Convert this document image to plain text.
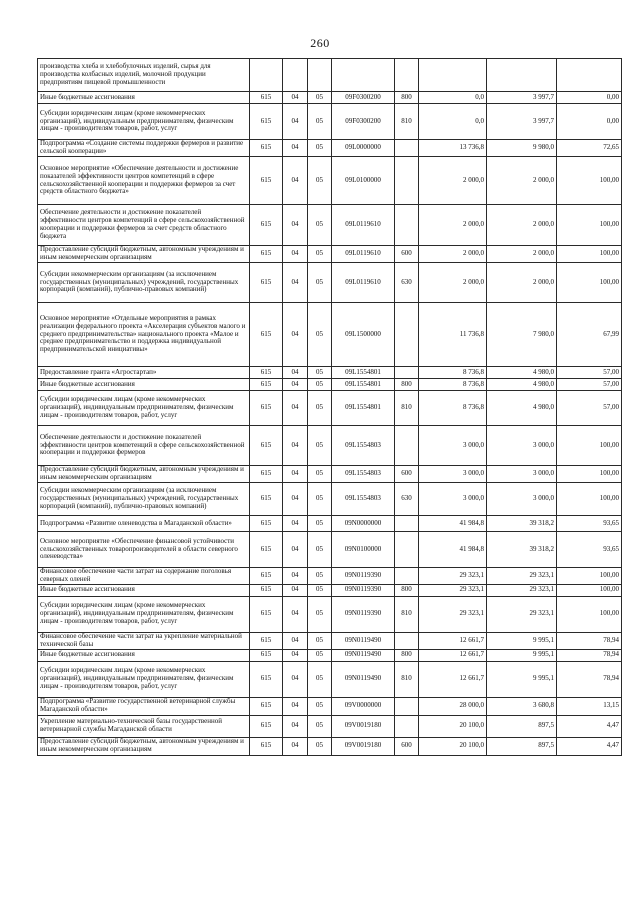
260
производства хлеба и хлебобулочных изделий, сырья для производства колбасных изделий, молочной продукции предприятиям пищевой промышленности								
Иные бюджетные ассигнования	615	04	05	09F0300200	800	0,0	3 997,7	0,00
Субсидии юридическим лицам (кроме некоммерческих организаций), индивидуальным предпринимателям, физическим лицам - производителям товаров, работ, услуг	615	04	05	09F0300200	810	0,0	3 997,7	0,00
Подпрограмма «Создание системы поддержки фермеров и развитие сельской кооперации»	615	04	05	09L0000000		13 736,8	9 980,0	72,65
Основное мероприятие «Обеспечение деятельности и достижение показателей эффективности центров компетенций в сфере сельскохозяйственной кооперации и поддержки фермеров за счет средств областного бюджета»	615	04	05	09L0100000		2 000,0	2 000,0	100,00
Обеспечение деятельности и достижение показателей эффективности центров компетенций в сфере сельскохозяйственной кооперации и поддержки фермеров за счет средств областного бюджета	615	04	05	09L0119610		2 000,0	2 000,0	100,00
Предоставление субсидий бюджетным, автономным учреждениям и иным некоммерческим организациям	615	04	05	09L0119610	600	2 000,0	2 000,0	100,00
Субсидии некоммерческим организациям (за исключением государственных (муниципальных) учреждений, государственных корпораций (компаний), публично-правовых компаний)	615	04	05	09L0119610	630	2 000,0	2 000,0	100,00
Основное мероприятие «Отдельные мероприятия в рамках реализации федерального проекта «Акселерация субъектов малого и среднего предпринимательства» национального проекта «Малое и среднее предпринимательство и поддержка индивидуальной предпринимательской инициативы»	615	04	05	09L1500000		11 736,8	7 980,0	67,99
Предоставление гранта «Агростартап»	615	04	05	09L1554801		8 736,8	4 980,0	57,00
Иные бюджетные ассигнования	615	04	05	09L1554801	800	8 736,8	4 980,0	57,00
Субсидии юридическим лицам (кроме некоммерческих организаций), индивидуальным предпринимателям, физическим лицам - производителям товаров, работ, услуг	615	04	05	09L1554801	810	8 736,8	4 980,0	57,00
Обеспечение деятельности и достижение показателей эффективности центров компетенций в сфере сельскохозяйственной кооперации и поддержки фермеров	615	04	05	09L1554803		3 000,0	3 000,0	100,00
Предоставление субсидий бюджетным, автономным учреждениям и иным некоммерческим организациям	615	04	05	09L1554803	600	3 000,0	3 000,0	100,00
Субсидии некоммерческим организациям (за исключением государственных (муниципальных) учреждений, государственных корпораций (компаний), публично-правовых компаний)	615	04	05	09L1554803	630	3 000,0	3 000,0	100,00
Подпрограмма «Развитие оленеводства в Магаданской области»	615	04	05	09N0000000		41 984,8	39 318,2	93,65
Основное мероприятие «Обеспечение финансовой устойчивости сельскохозяйственных товаропроизводителей в области северного оленеводства»	615	04	05	09N0100000		41 984,8	39 318,2	93,65
Финансовое обеспечение части затрат на содержание поголовья северных оленей	615	04	05	09N0119390		29 323,1	29 323,1	100,00
Иные бюджетные ассигнования	615	04	05	09N0119390	800	29 323,1	29 323,1	100,00
Субсидии юридическим лицам (кроме некоммерческих организаций), индивидуальным предпринимателям, физическим лицам - производителям товаров, работ, услуг	615	04	05	09N0119390	810	29 323,1	29 323,1	100,00
Финансовое обеспечение части затрат на укрепление материальной технической базы	615	04	05	09N0119490		12 661,7	9 995,1	78,94
Иные бюджетные ассигнования	615	04	05	09N0119490	800	12 661,7	9 995,1	78,94
Субсидии юридическим лицам (кроме некоммерческих организаций), индивидуальным предпринимателям, физическим лицам - производителям товаров, работ, услуг	615	04	05	09N0119490	810	12 661,7	9 995,1	78,94
Подпрограмма «Развитие государственной ветеринарной службы Магаданской области»	615	04	05	09V0000000		28 000,0	3 680,8	13,15
Укрепление материально-технической базы государственной ветеринарной службы Магаданской области	615	04	05	09V0019180		20 100,0	897,5	4,47
Предоставление субсидий бюджетным, автономным учреждениям и иным некоммерческим организациям	615	04	05	09V0019180	600	20 100,0	897,5	4,47
